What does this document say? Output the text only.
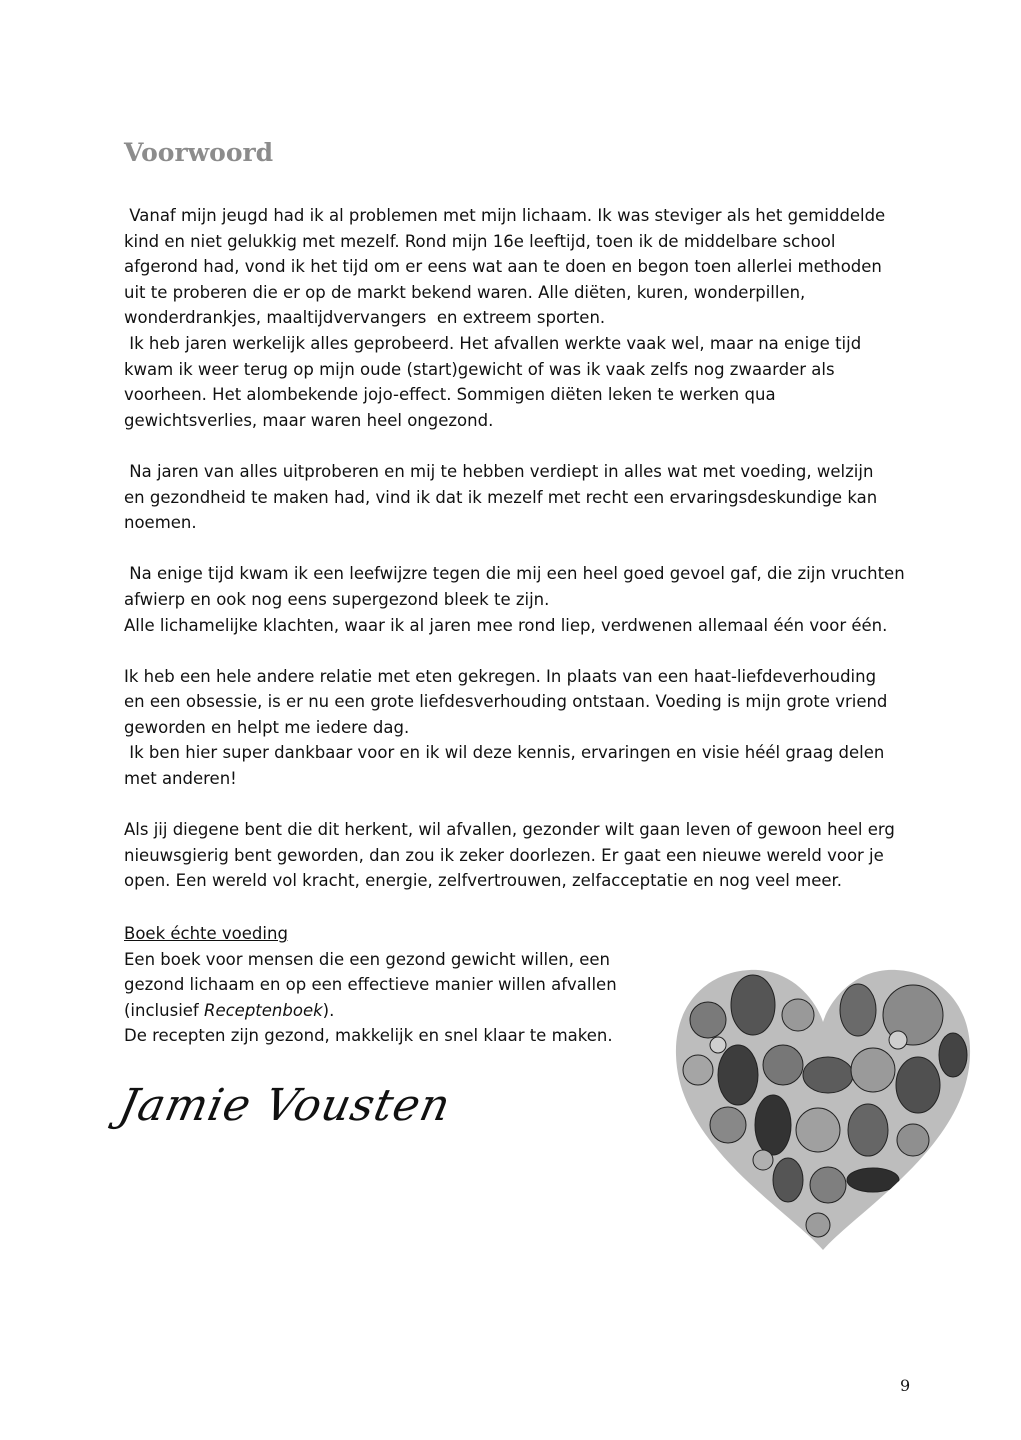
Voorwoord

Vanaf mijn jeugd had ik al problemen met mijn lichaam. Ik was steviger als het gemiddelde
kind en niet gelukkig met mezelf. Rond mijn 16e leeftijd, toen ik de middelbare school
afgerond had, vond ik het tijd om er eens wat aan te doen en begon toen allerlei methoden
uit te proberen die er op de markt bekend waren. Alle diëten, kuren, wonderpillen,
wonderdrankjes, maaltijdvervangers  en extreem sporten.
Ik heb jaren werkelijk alles geprobeerd. Het afvallen werkte vaak wel, maar na enige tijd
kwam ik weer terug op mijn oude (start)gewicht of was ik vaak zelfs nog zwaarder als
voorheen. Het alombekende jojo-effect. Sommigen diëten leken te werken qua
gewichtsverlies, maar waren heel ongezond.

Na jaren van alles uitproberen en mij te hebben verdiept in alles wat met voeding, welzijn
en gezondheid te maken had, vind ik dat ik mezelf met recht een ervaringsdeskundige kan
noemen.

Na enige tijd kwam ik een leefwijzre tegen die mij een heel goed gevoel gaf, die zijn vruchten
afwierp en ook nog eens supergezond bleek te zijn.
Alle lichamelijke klachten, waar ik al jaren mee rond liep, verdwenen allemaal één voor één.

Ik heb een hele andere relatie met eten gekregen. In plaats van een haat-liefdeverhouding
en een obsessie, is er nu een grote liefdesverhouding ontstaan. Voeding is mijn grote vriend
geworden en helpt me iedere dag.
Ik ben hier super dankbaar voor en ik wil deze kennis, ervaringen en visie héél graag delen
met anderen!

Als jij diegene bent die dit herkent, wil afvallen, gezonder wilt gaan leven of gewoon heel erg
nieuwsgierig bent geworden, dan zou ik zeker doorlezen. Er gaat een nieuwe wereld voor je
open. Een wereld vol kracht, energie, zelfvertrouwen, zelfacceptatie en nog veel meer.

Boek échte voeding
Een boek voor mensen die een gezond gewicht willen, een
gezond lichaam en op een effectieve manier willen afvallen
(inclusief Receptenboek).
De recepten zijn gezond, makkelijk en snel klaar te maken.
Jamie Vousten
9
